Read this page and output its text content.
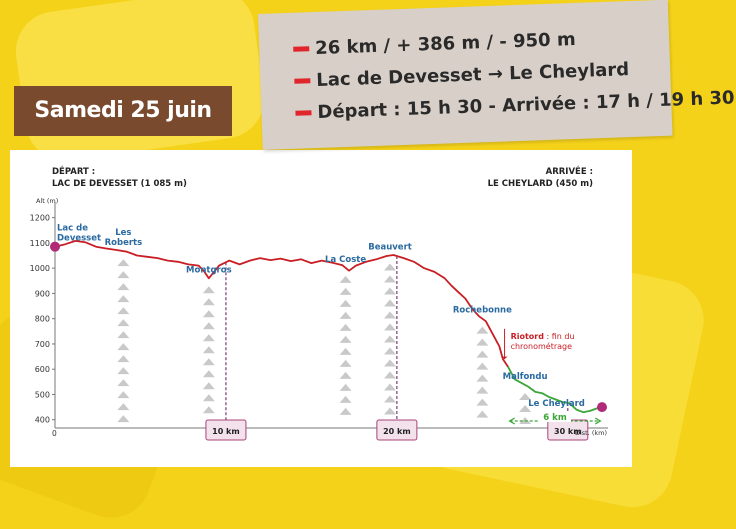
400
500
600
700
800
900
1000
1100
1200
Alt (m)
Dist. (km)
0
DÉPART :
LAC DE DEVESSET (1 085 m)
ARRIVÉE :
LE CHEYLARD (450 m)
10 km	20 km	30 km
Lac de Devesset
Les Roberts
Montgros
La Coste
Beauvert
Rochebonne
Malfondu
Le Cheylard
Riotord : fin du
chronométrage
6 km
Samedi 25 juin
26 km / + 386 m / - 950 m
Lac de Devesset → Le Cheylard
Départ : 15 h 30 - Arrivée : 17 h / 19 h 30
